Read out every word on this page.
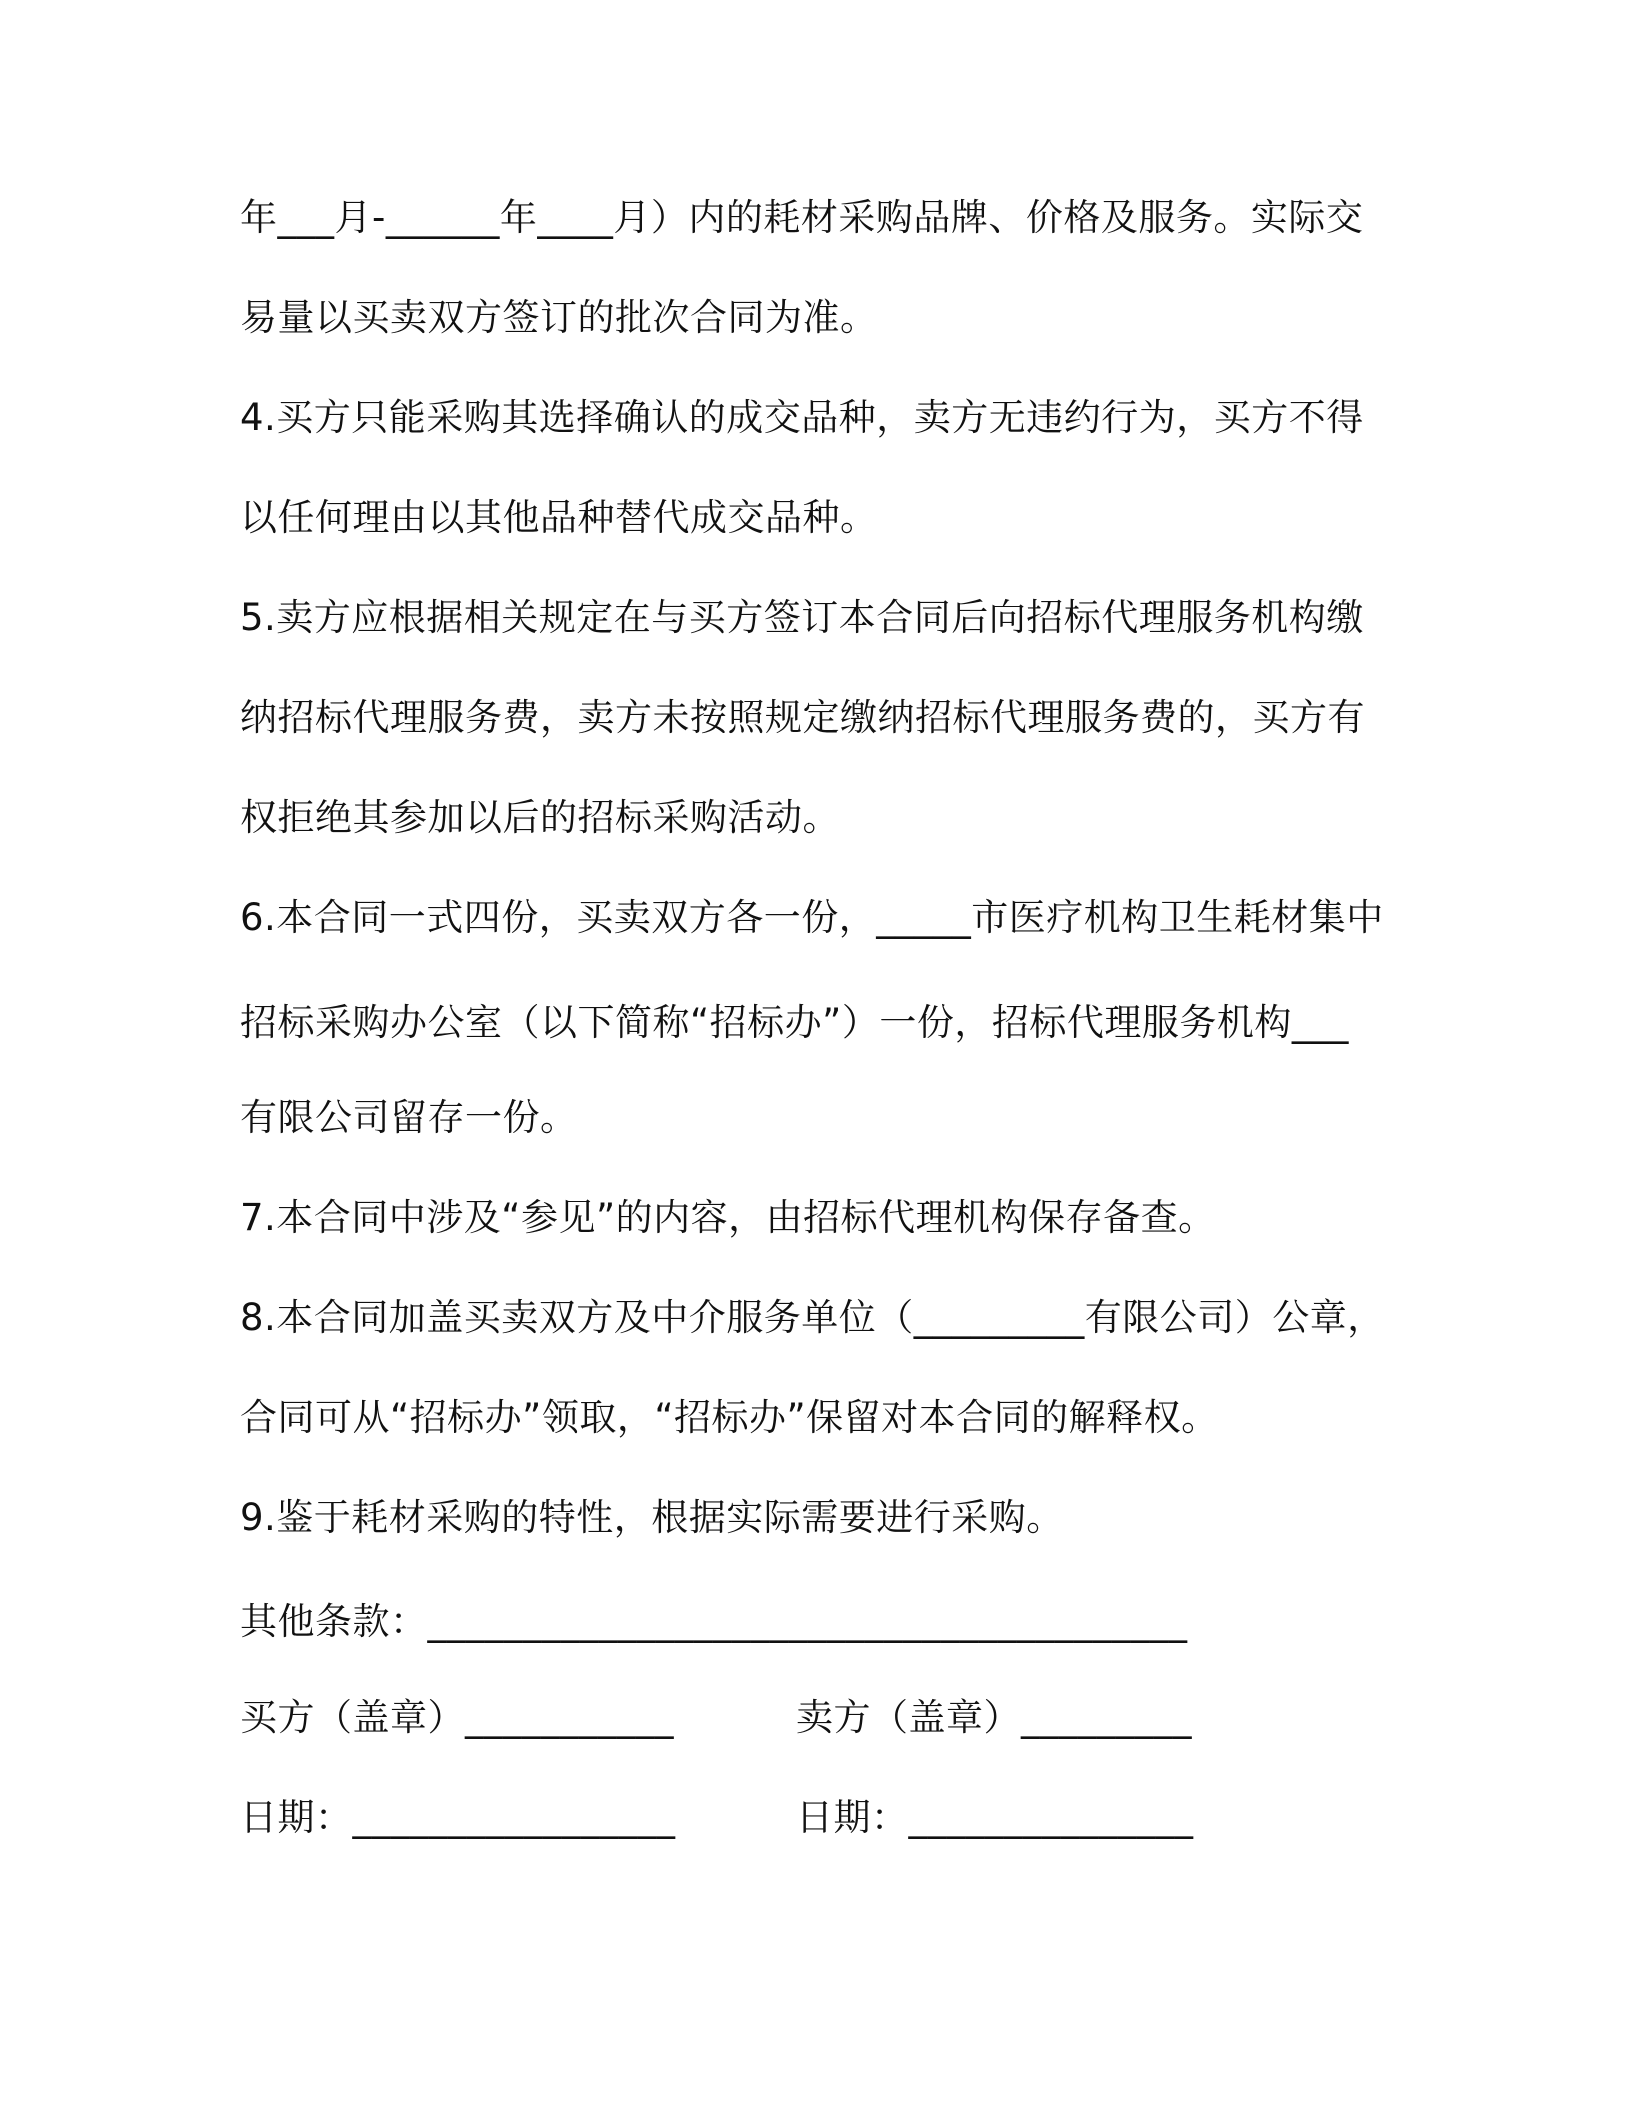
年___月-______年____月）内的耗材采购品牌、价格及服务。实际交
易量以买卖双方签订的批次合同为准。
4.买方只能采购其选择确认的成交品种，卖方无违约行为，买方不得
以任何理由以其他品种替代成交品种。
5.卖方应根据相关规定在与买方签订本合同后向招标代理服务机构缴
纳招标代理服务费，卖方未按照规定缴纳招标代理服务费的，买方有
权拒绝其参加以后的招标采购活动。
6.本合同一式四份，买卖双方各一份，_____市医疗机构卫生耗材集中
招标采购办公室（以下简称“招标办”）一份，招标代理服务机构___
有限公司留存一份。
7.本合同中涉及“参见”的内容，由招标代理机构保存备查。
8.本合同加盖买卖双方及中介服务单位（_________有限公司）公章，
合同可从“招标办”领取，“招标办”保留对本合同的解释权。
9.鉴于耗材采购的特性，根据实际需要进行采购。
其他条款：________________________________________
买方（盖章）___________	卖方（盖章）_________
日期：_________________	日期：_______________
